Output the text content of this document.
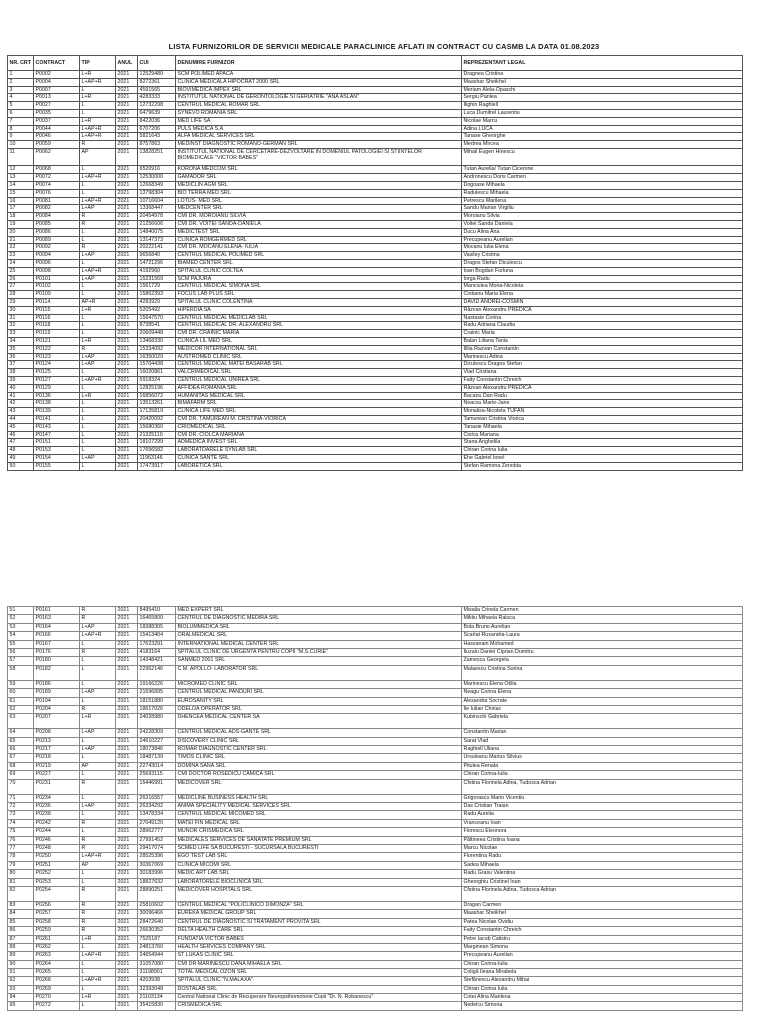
LISTA FURNIZORILOR DE SERVICII MEDICALE PARACLINICE AFLATI IN CONTRACT CU CASMB LA DATA 01.08.2023
NR. CRT	CONTRACT	TIP	ANUL	CUI	DENUMIRE FURNIZOR	REPREZENTANT LEGAL
1	P0002	L+R	2021	12529480	SCM POLIMED APACA	Dragnea Cristina
2	P0004	L+AP+R	2021	8272361	CLINICA MEDICALA HIPOCRAT 2000 SRL	Maashar Sheikhel
3	P0007	L	2021	4591565	BIOVIMEDICA IMPEX SRL	Meriam Alela-Opaschi
4	P0013	L+R	2021	4283333	INSTITUTUL NATIONAL DE GERONTOLOGIE SI GERIATRIE "ANA ASLAN"	Sergiu Panlea
5	P0027	L	2021	12732298	CENTRUL MEDICAL ROMAR SRL	Ilighin Raghlell
6	P0035	L	2021	6479639	SYNEVO ROMANIA SRL	Luca Dumitrel Laurentiu
7	P0037	L+R	2021	8422036	MED LIFE SA	Nicolae Marcu
8	P0044	L+AP+R	2021	6707206	PULS MEDICA S.A.	Adina LUCA
9	P0046	L+AP+R	2021	5821643	ALFA MEDICAL SERVICES SRL	Tanase Gheorghe
10	P0059	R	2021	8757863	MEDINST DIAGNOSTIC ROMANO-GERMAN SRL	Medrea Mircea
11	P0062	AP	2021	13828251	INSTITUTUL NATIONAL DE CERCETARE-DEZVOLTARE IN DOMENIUL PATOLOGIEI SI STIINTELOR BIOMEDICALE "VICTOR BABES"	Mihail Eugen Hinescu
12	P0068	L	2021	6520916	KORONA MEDCOM SRL	Tutan Aurelia/ Tutan Cicerone
13	P0072	L+AP+R	2021	12530000	GAMADOR SRL	Andronescu Doris Carmen
14	P0074	L	2021	12668349	MEDICLIN AGM SRL	Dogoase Mihaela
15	P0076	L	2021	13798304	BIO TERRA MED SRL	Radulescu Mihaela
16	P0081	L+AP+R	2021	10716604	LOTUS- MED SRL	Petrescu Marilena
17	P0082	L+AP	2021	13368447	MEDCENTER SRL	Sandu Marian Virgiliu
18	P0084	R	2021	20454978	CMI DR. MOROIANU SILVIA	Moroianu Silvia
19	P0085	R	2021	21256606	CMI DR. VOITEI SANDA-DANIELA	Voitei Sanda Daniela
20	P0086	L	2021	14840075	MEDICTEST SRL	Ducu Alina Ana
21	P0089	L	2021	13147373	CLINICA ROMGERMED SRL	Precupeanu Aurelian
22	P0092	R	2021	20222141	CMI DR. MOCANU ELENA- IULIA	Mocanu Iulia Elena
23	P0094	L+AP	2021	9656840	CENTRUL MEDICAL POLIMED SRL	Vasiley Cristina
24	P0096	L	2021	14721296	BIAMED CENTER SRL	Dragos Stefan Diculescu
25	P0098	L+AP+R	2021	4192960	SPITALUL CLINIC COLTEA	Ioan Bogdan Furluna
26	P0101	L+AP	2021	15231569	SCM PAJURA	Iorga Radu
27	P0102	L	2021	1561729	CENTRUL MEDICAL SIMONA SRL	Manciulea Mona-Nicoleta
28	P0109	L	2021	15862393	FOCUS LAB PLUS SRL	Ciobanu Maria Elena
29	P0114	AP+R	2021	4283929	SPITALUL CLINIC COLENTINA	DAVID ANDREI-COSMIN
30	P0115	L+R	2021	5205492	HIPERDIA SA	Răzvan Alexandru PREDICA
31	P0116	L	2021	15647570	CENTRUL MEDICAL MEDICLAB SRL	Nastasie Corina
32	P0118	L	2021	8738541	CENTRUL MEDICAL DR. ALEXANDRU SRL	Radu Adriana Claudia
33	P0119	L	2021	20609448	CMI DR. CRAINIC MARIA	Crainic Maria
34	P0121	L+R	2021	13468330	CLINICA LIL MED SRL	Balan Liliana Tania
35	P0122	R	2021	15334092	MEDICOR INTERNATIONAL SRL	Ililia Razvan Constantin
36	P0123	L+AP	2021	16350029	AUSTROMED CLINIC SRL	Marinescu Adina
37	P0124	L+AP	2021	15704438	CENTRUL MEDICAL MATEI BASARAB SRL	Diculescu Dragos Stefan
38	P0125	L	2021	16020861	VALCRIMEDICAL SRL	Vlad Cristiana
39	P0127	L+AP+R	2021	5918324	CENTRUL MEDICAL UNIREA SRL	Faity Constantin Chreich
40	P0129	L	2021	12825196	AFFIDEA ROMANIA SRL	Răzvan Alexandru PREDICA
41	P0136	L+R	2021	16856072	HUMANITAS MEDICAL SRL	Bacanu Dan Radu
42	P0138	L	2021	13513261	BIMAFARM SRL	Neacsu Marie-Jane
43	P0139	L	2021	17135819	CLINICA LIFE MED SRL	Monalisa-Nicoleta TUFAN
44	P0141	L	2021	20420092	CMI DR. TĂMUREAN M. CRISTINA-VIORICA	Tamurean Cristina Viorica
45	P0143	L	2021	15680360	CRIOMEDICAL SRL	Tanasie Mihaela
46	P0147	L	2021	21325110	CMI DR. CIOLCA MARIANA	Ciolca Mariana
47	P0151	L	2021	18107299	ADMEDICA INVEST SRL	Stana Anghelila
48	P0153	L	2021	17656582	LABORATOARELE SYNLAB SRL	Chiran Corina Iulia
49	P0154	L+AP	2021	11963146	CLINICA SANTE SRL	Ehe Gabriel Ionel
50	P0155	L	2021	17473917	LABORETICA SRL	Stefan Ramona Zenobia
51	P0161	R	2021	8495410	MED EXPERT SRL	Misaila Crinela Carmen
52	P0163	R	2021	16465800	CENTRUL DE DIAGNOSTIC MEDIRA SRL	Militiu Mihaela Raluca
53	P0164	L+AP	2021	18388305	BIOLUMMEDICA SRL	Bola Bruno Aurelian
54	P0166	L+AP+R	2021	15413404	ORALMEDICAL SRL	Scarlat Ruxandra-Laura
55	P0167	L	2021	17623291	INTERNATIONAL MEDICAL CENTER SRL	Hassanain Mohamed
56	P0176	R	2021	4183164	SPITALUL CLINIC DE URGENTA PENTRU COPII "M.S.CURIE"	Iluzalu Daniel Ciprian Dumitru
57	P0180	L	2021	14348421	SANMED 2001 SRL	Zamescu Georgeta
58	P0182	L	2021	22962146	C.M. APOLLO- LABORATOR SRL	Malaescu Cristina Sorina
59	P0186	L	2021	19166226	MICROMED CLINIC SRL	Marinescu Elena Otilia
60	P0189	L+AP	2021	21696895	CENTRUL MEDICAL PANDURI SRL	Neagu Corina Elena
61	P0194	L	2021	18151880	EUROSANITY SRL	Alexandra Socrate
62	P0204	R	2021	18617026	ODELOA OPERATOR SRL	Ile Iulian Chiriac
63	P0207	L+R	2021	24028980	DHENCEA MEDICAL CENTER SA	Kubinschi Gabriela
64	P0208	L+AP	2021	24228309	CENTRUL MEDICAL ADS-GANTE SRL	Constantin Marian
65	P0213	L	2021	24610227	DISCOVERY CLINIC SRL	Sarat Vlad
66	P0217	L+AP	2021	18073846	ROMAR DIAGNOSTIC CENTER SRL	Raghiell Uliana
67	P0218	L	2021	18487139	TIMOS CLINIC SRL	Ursuleanu Marius Silvius
68	P0219	AP	2021	22743014	DOMINA SANA SRL	Pitulea Renata
69	P0227	L	2021	25693115	CMI DOCTOR ROSEDICU CAMICA SRL	Chiran Corina-Iulia
70	P0231	R	2021	15446991	MEDICOVER SRL	Cfstina Florinela Adina, Tudosca Adrian
71	P0234	L	2021	26316557	MEDICLINE BUSINESS HEALTH SRL	Grigorascu Mario Vicentiu
72	P0236	L+AP	2021	26334292	ANIMA SPECIALITY MEDICAL SERVICES SRL	Das Cristian Traian
73	P0238	L	2021	13478334	CENTRUL MEDICAL MICOMED SRL	Radu Aurelia
74	P0242	R	2021	27049120	MATEI FIN MEDICAL SRL	Vranceanu Ioan
75	P0244	L	2021	28962777	MUNOR CRISMEDICA SRL	Florescu Eleonora
76	P0246	R	2021	27991452	MEDICALES SERVICES DE SANATATE PREMIUM SRL	Păltineea Cristina Ioana
77	P0248	R	2021	29417074	SCMED LIFE SA BUCURESTI - SUCURSALA BUCURESTI	Marcu Nicolae
78	P0250	L+AP+R	2021	28525396	EGO TEST LAB SRL	Florentina Radu
79	P0251	AP	2021	30367069	CLINICA MICOMI SRL	Sadea Mihaela
80	P0252	L	2021	30183996	MEDIC ART LAB SRL	Radu Grasu Valentina
81	P0253	L	2021	18827632	LABORATORELE BIOCLINICA SRL	Gheorghiu Cristinel Ioan
82	P0254	R	2021	28890251	MEDICOVER HOSPITALS SRL	Cfstina Florinela Adina, Tudosca Adrian
83	P0256	R	2021	25810602	CENTRUL MEDICAL "POLICLINICO DIMONZA" SRL	Dragan Carmen
84	P0257	R	2021	30096466	EUREKA MEDICAL GROUP SRL	Maashar Sheikhel
85	P0258	R	2021	28472640	CENTRUL DE DIAGNOSTIC SI TRATAMENT PROVITA SRL	Patea Nicolae Ovidiu
86	P0259	R	2021	26630352	DELTA HEALTH CARE SRL	Faity Constantin Chreich
87	P0261	L+R	2021	7525187	FUNDATIA VICTOR BABES	Petre Iacob Calistru
88	P0262	L	2021	24813760	HEALTH SERVICES COMPANY SRL	Marginean Simona
89	P0263	L+AP+R	2021	24654944	ST LUKAS CLINIC SRL	Precupeanu Aurelian
90	P0264	L	2021	31057080	CMI DR MARINESCU DANA MIHAELA SRL	Chiran Corina-Iulia
91	P0265	L	2021	31198901	TOTAL MEDICAL OZON SRL	Coligă Ileana Mirabela
92	P0268	L+AP+R	2021	4203938	SPITALUL CLINIC "N.MALAXA"	Stefănescu Alexandru Mihai
93	P0269	L	2021	32393048	DOSTALAB SRL	Chiran Corina Iulia
94	P0270	L+R	2021	21103134	Centrul National Clinic de Recuperare Neuropsihomotorie Copii "Dr. N. Robanescu"	Cotei Alina Marilena
95	P0272	L	2021	35415830	CRISMEDICA SRL	Nedelcu Simona
